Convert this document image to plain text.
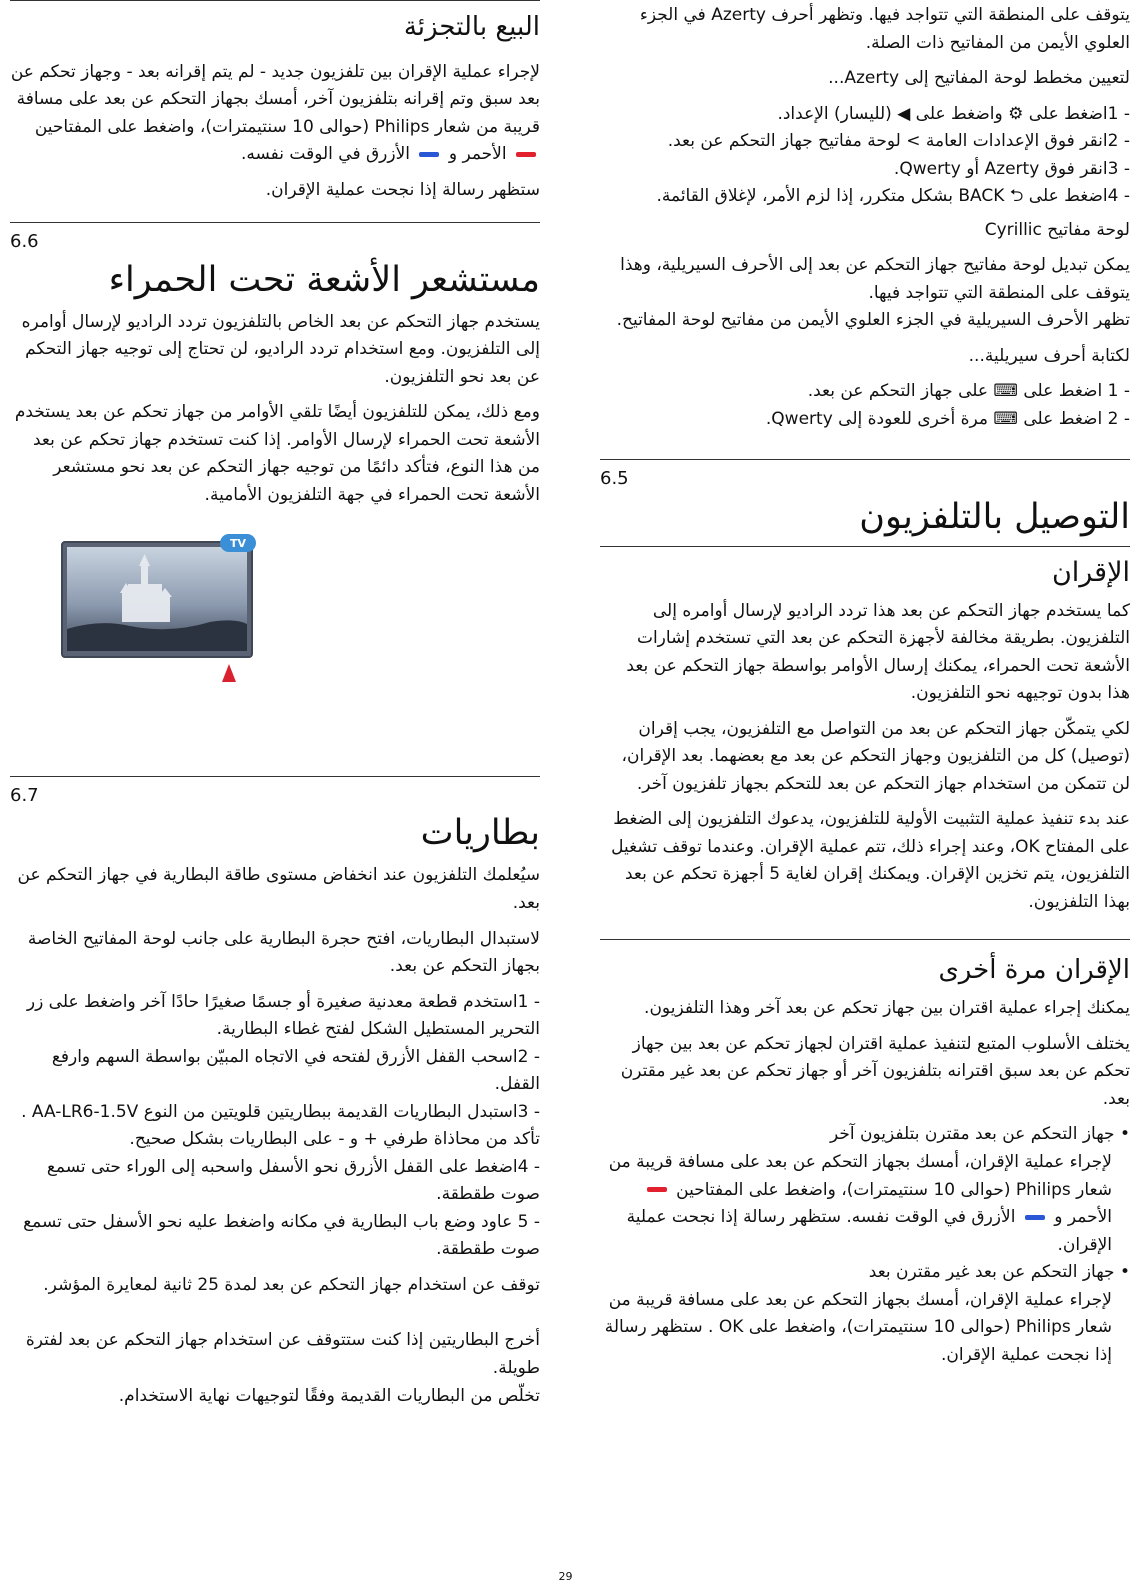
يتوقف على المنطقة التي تتواجد فيها. وتظهر أحرف Azerty في الجزء العلوي الأيمن من المفاتيح ذات الصلة.

لتعيين مخطط لوحة المفاتيح إلى Azerty...

- 1اضغط على ⚙ واضغط على ◀ (لليسار) الإعداد.

- 2انقر فوق الإعدادات العامة > لوحة مفاتيح جهاز التحكم عن بعد.

- 3انقر فوق Azerty أو Qwerty.

- 4اضغط على ⮌ BACK بشكل متكرر، إذا لزم الأمر، لإغلاق القائمة.

لوحة مفاتيح Cyrillic

يمكن تبديل لوحة مفاتيح جهاز التحكم عن بعد إلى الأحرف السيريلية، وهذا يتوقف على المنطقة التي تتواجد فيها.

تظهر الأحرف السيريلية في الجزء العلوي الأيمن من مفاتيح لوحة المفاتيح.

لكتابة أحرف سيريلية...

- 1 اضغط على ⌨ على جهاز التحكم عن بعد.

- 2 اضغط على ⌨ مرة أخرى للعودة إلى Qwerty.

6.5
التوصيل بالتلفزيون
الإقران

كما يستخدم جهاز التحكم عن بعد هذا تردد الراديو لإرسال أوامره إلى التلفزيون. بطريقة مخالفة لأجهزة التحكم عن بعد التي تستخدم إشارات الأشعة تحت الحمراء، يمكنك إرسال الأوامر بواسطة جهاز التحكم عن بعد هذا بدون توجيهه نحو التلفزيون.

لكي يتمكّن جهاز التحكم عن بعد من التواصل مع التلفزيون، يجب إقران (توصيل) كل من التلفزيون وجهاز التحكم عن بعد مع بعضهما. بعد الإقران، لن تتمكن من استخدام جهاز التحكم عن بعد للتحكم بجهاز تلفزيون آخر.

عند بدء تنفيذ عملية التثبيت الأولية للتلفزيون، يدعوك التلفزيون إلى الضغط على المفتاح OK، وعند إجراء ذلك، تتم عملية الإقران. وعندما توقف تشغيل التلفزيون، يتم تخزين الإقران. ويمكنك إقران لغاية 5 أجهزة تحكم عن بعد بهذا التلفزيون.

الإقران مرة أخرى

يمكنك إجراء عملية اقتران بين جهاز تحكم عن بعد آخر وهذا التلفزيون.

يختلف الأسلوب المتبع لتنفيذ عملية اقتران لجهاز تحكم عن بعد بين جهاز تحكم عن بعد سبق اقترانه بتلفزيون آخر أو جهاز تحكم عن بعد غير مقترن بعد.

• جهاز التحكم عن بعد مقترن بتلفزيون آخر

لإجراء عملية الإقران، أمسك بجهاز التحكم عن بعد على مسافة قريبة من شعار Philips (حوالى 10 سنتيمترات)، واضغط على المفتاحين  الأحمر و  الأزرق في الوقت نفسه. ستظهر رسالة إذا نجحت عملية الإقران.

• جهاز التحكم عن بعد غير مقترن بعد

لإجراء عملية الإقران، أمسك بجهاز التحكم عن بعد على مسافة قريبة من شعار Philips (حوالى 10 سنتيمترات)، واضغط على OK . ستظهر رسالة إذا نجحت عملية الإقران.

البيع بالتجزئة

لإجراء عملية الإقران بين تلفزيون جديد - لم يتم إقرانه بعد - وجهاز تحكم عن بعد سبق وتم إقرانه بتلفزيون آخر، أمسك بجهاز التحكم عن بعد على مسافة قريبة من شعار Philips (حوالى 10 سنتيمترات)، واضغط على المفتاحين  الأحمر و  الأزرق في الوقت نفسه.

ستظهر رسالة إذا نجحت عملية الإقران.

6.6
مستشعر الأشعة تحت الحمراء

يستخدم جهاز التحكم عن بعد الخاص بالتلفزيون تردد الراديو لإرسال أوامره إلى التلفزيون. ومع استخدام تردد الراديو، لن تحتاج إلى توجيه جهاز التحكم عن بعد نحو التلفزيون.

ومع ذلك، يمكن للتلفزيون أيضًا تلقي الأوامر من جهاز تحكم عن بعد يستخدم الأشعة تحت الحمراء لإرسال الأوامر. إذا كنت تستخدم جهاز تحكم عن بعد من هذا النوع، فتأكد دائمًا من توجيه جهاز التحكم عن بعد نحو مستشعر الأشعة تحت الحمراء في جهة التلفزيون الأمامية.

TV
6.7
بطاريات

سيُعلمك التلفزيون عند انخفاض مستوى طاقة البطارية في جهاز التحكم عن بعد.

لاستبدال البطاريات، افتح حجرة البطارية على جانب لوحة المفاتيح الخاصة بجهاز التحكم عن بعد.

- 1استخدم قطعة معدنية صغيرة أو جسمًا صغيرًا حادًا آخر واضغط على زر التحرير المستطيل الشكل لفتح غطاء البطارية.

- 2اسحب القفل الأزرق لفتحه في الاتجاه المبيّن بواسطة السهم وارفع القفل.

- 3استبدل البطاريات القديمة ببطاريتين قلويتين من النوع AA-LR6-1.5V . تأكد من محاذاة طرفي + و - على البطاريات بشكل صحيح.

- 4اضغط على القفل الأزرق نحو الأسفل واسحبه إلى الوراء حتى تسمع صوت طقطقة.

- 5 عاود وضع باب البطارية في مكانه واضغط عليه نحو الأسفل حتى تسمع صوت طقطقة.

توقف عن استخدام جهاز التحكم عن بعد لمدة 25 ثانية لمعايرة المؤشر.

أخرج البطاريتين إذا كنت ستتوقف عن استخدام جهاز التحكم عن بعد لفترة طويلة.

تخلّص من البطاريات القديمة وفقًا لتوجيهات نهاية الاستخدام.

29
